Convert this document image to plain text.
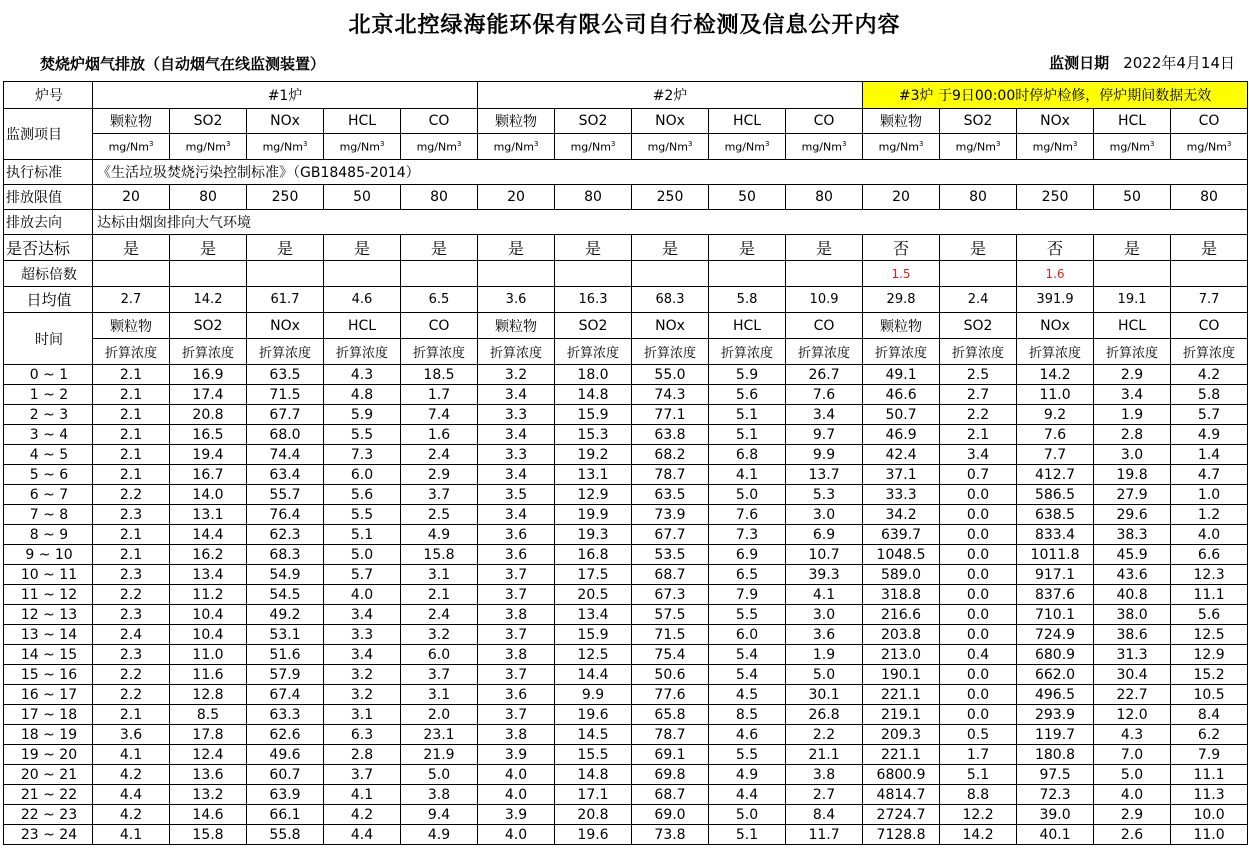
北京北控绿海能环保有限公司自行检测及信息公开内容
焚烧炉烟气排放（自动烟气在线监测装置）	监测日期 2022年4月14日
炉号	#1炉					#2炉					#3炉 于9日00:00时停炉检修，停炉期间数据无效				
监测项目	颗粒物	SO2	NOx	HCL	CO	颗粒物	SO2	NOx	HCL	CO	颗粒物	SO2	NOx	HCL	CO
	mg/Nm$^3$	mg/Nm$^3$	mg/Nm$^3$	mg/Nm$^3$	mg/Nm$^3$	mg/Nm$^3$	mg/Nm$^3$	mg/Nm$^3$	mg/Nm$^3$	mg/Nm$^3$	mg/Nm$^3$	mg/Nm$^3$	mg/Nm$^3$	mg/Nm$^3$	mg/Nm$^3$
执行标准	《生活垃圾焚烧污染控制标准》（GB18485-2014）														
排放限值	20	80	250	50	80	20	80	250	50	80	20	80	250	50	80
排放去向	达标由烟囱排向大气环境														
是否达标	是	是	是	是	是	是	是	是	是	是	否	是	否	是	是
超标倍数											1.5		1.6		
日均值	2.7	14.2	61.7	4.6	6.5	3.6	16.3	68.3	5.8	10.9	29.8	2.4	391.9	19.1	7.7
时间	颗粒物	SO2	NOx	HCL	CO	颗粒物	SO2	NOx	HCL	CO	颗粒物	SO2	NOx	HCL	CO
	折算浓度	折算浓度	折算浓度	折算浓度	折算浓度	折算浓度	折算浓度	折算浓度	折算浓度	折算浓度	折算浓度	折算浓度	折算浓度	折算浓度	折算浓度
0 ~ 1	2.1	16.9	63.5	4.3	18.5	3.2	18.0	55.0	5.9	26.7	49.1	2.5	14.2	2.9	4.2
1 ~ 2	2.1	17.4	71.5	4.8	1.7	3.4	14.8	74.3	5.6	7.6	46.6	2.7	11.0	3.4	5.8
2 ~ 3	2.1	20.8	67.7	5.9	7.4	3.3	15.9	77.1	5.1	3.4	50.7	2.2	9.2	1.9	5.7
3 ~ 4	2.1	16.5	68.0	5.5	1.6	3.4	15.3	63.8	5.1	9.7	46.9	2.1	7.6	2.8	4.9
4 ~ 5	2.1	19.4	74.4	7.3	2.4	3.3	19.2	68.2	6.8	9.9	42.4	3.4	7.7	3.0	1.4
5 ~ 6	2.1	16.7	63.4	6.0	2.9	3.4	13.1	78.7	4.1	13.7	37.1	0.7	412.7	19.8	4.7
6 ~ 7	2.2	14.0	55.7	5.6	3.7	3.5	12.9	63.5	5.0	5.3	33.3	0.0	586.5	27.9	1.0
7 ~ 8	2.3	13.1	76.4	5.5	2.5	3.4	19.9	73.9	7.6	3.0	34.2	0.0	638.5	29.6	1.2
8 ~ 9	2.1	14.4	62.3	5.1	4.9	3.6	19.3	67.7	7.3	6.9	639.7	0.0	833.4	38.3	4.0
9 ~ 10	2.1	16.2	68.3	5.0	15.8	3.6	16.8	53.5	6.9	10.7	1048.5	0.0	1011.8	45.9	6.6
10 ~ 11	2.3	13.4	54.9	5.7	3.1	3.7	17.5	68.7	6.5	39.3	589.0	0.0	917.1	43.6	12.3
11 ~ 12	2.2	11.2	54.5	4.0	2.1	3.7	20.5	67.3	7.9	4.1	318.8	0.0	837.6	40.8	11.1
12 ~ 13	2.3	10.4	49.2	3.4	2.4	3.8	13.4	57.5	5.5	3.0	216.6	0.0	710.1	38.0	5.6
13 ~ 14	2.4	10.4	53.1	3.3	3.2	3.7	15.9	71.5	6.0	3.6	203.8	0.0	724.9	38.6	12.5
14 ~ 15	2.3	11.0	51.6	3.4	6.0	3.8	12.5	75.4	5.4	1.9	213.0	0.4	680.9	31.3	12.9
15 ~ 16	2.2	11.6	57.9	3.2	3.7	3.7	14.4	50.6	5.4	5.0	190.1	0.0	662.0	30.4	15.2
16 ~ 17	2.2	12.8	67.4	3.2	3.1	3.6	9.9	77.6	4.5	30.1	221.1	0.0	496.5	22.7	10.5
17 ~ 18	2.1	8.5	63.3	3.1	2.0	3.7	19.6	65.8	8.5	26.8	219.1	0.0	293.9	12.0	8.4
18 ~ 19	3.6	17.8	62.6	6.3	23.1	3.8	14.5	78.7	4.6	2.2	209.3	0.5	119.7	4.3	6.2
19 ~ 20	4.1	12.4	49.6	2.8	21.9	3.9	15.5	69.1	5.5	21.1	221.1	1.7	180.8	7.0	7.9
20 ~ 21	4.2	13.6	60.7	3.7	5.0	4.0	14.8	69.8	4.9	3.8	6800.9	5.1	97.5	5.0	11.1
21 ~ 22	4.4	13.2	63.9	4.1	3.8	4.0	17.1	68.7	4.4	2.7	4814.7	8.8	72.3	4.0	11.3
22 ~ 23	4.2	14.6	66.1	4.2	9.4	3.9	20.8	69.0	5.0	8.4	2724.7	12.2	39.0	2.9	10.0
23 ~ 24	4.1	15.8	55.8	4.4	4.9	4.0	19.6	73.8	5.1	11.7	7128.8	14.2	40.1	2.6	11.0
